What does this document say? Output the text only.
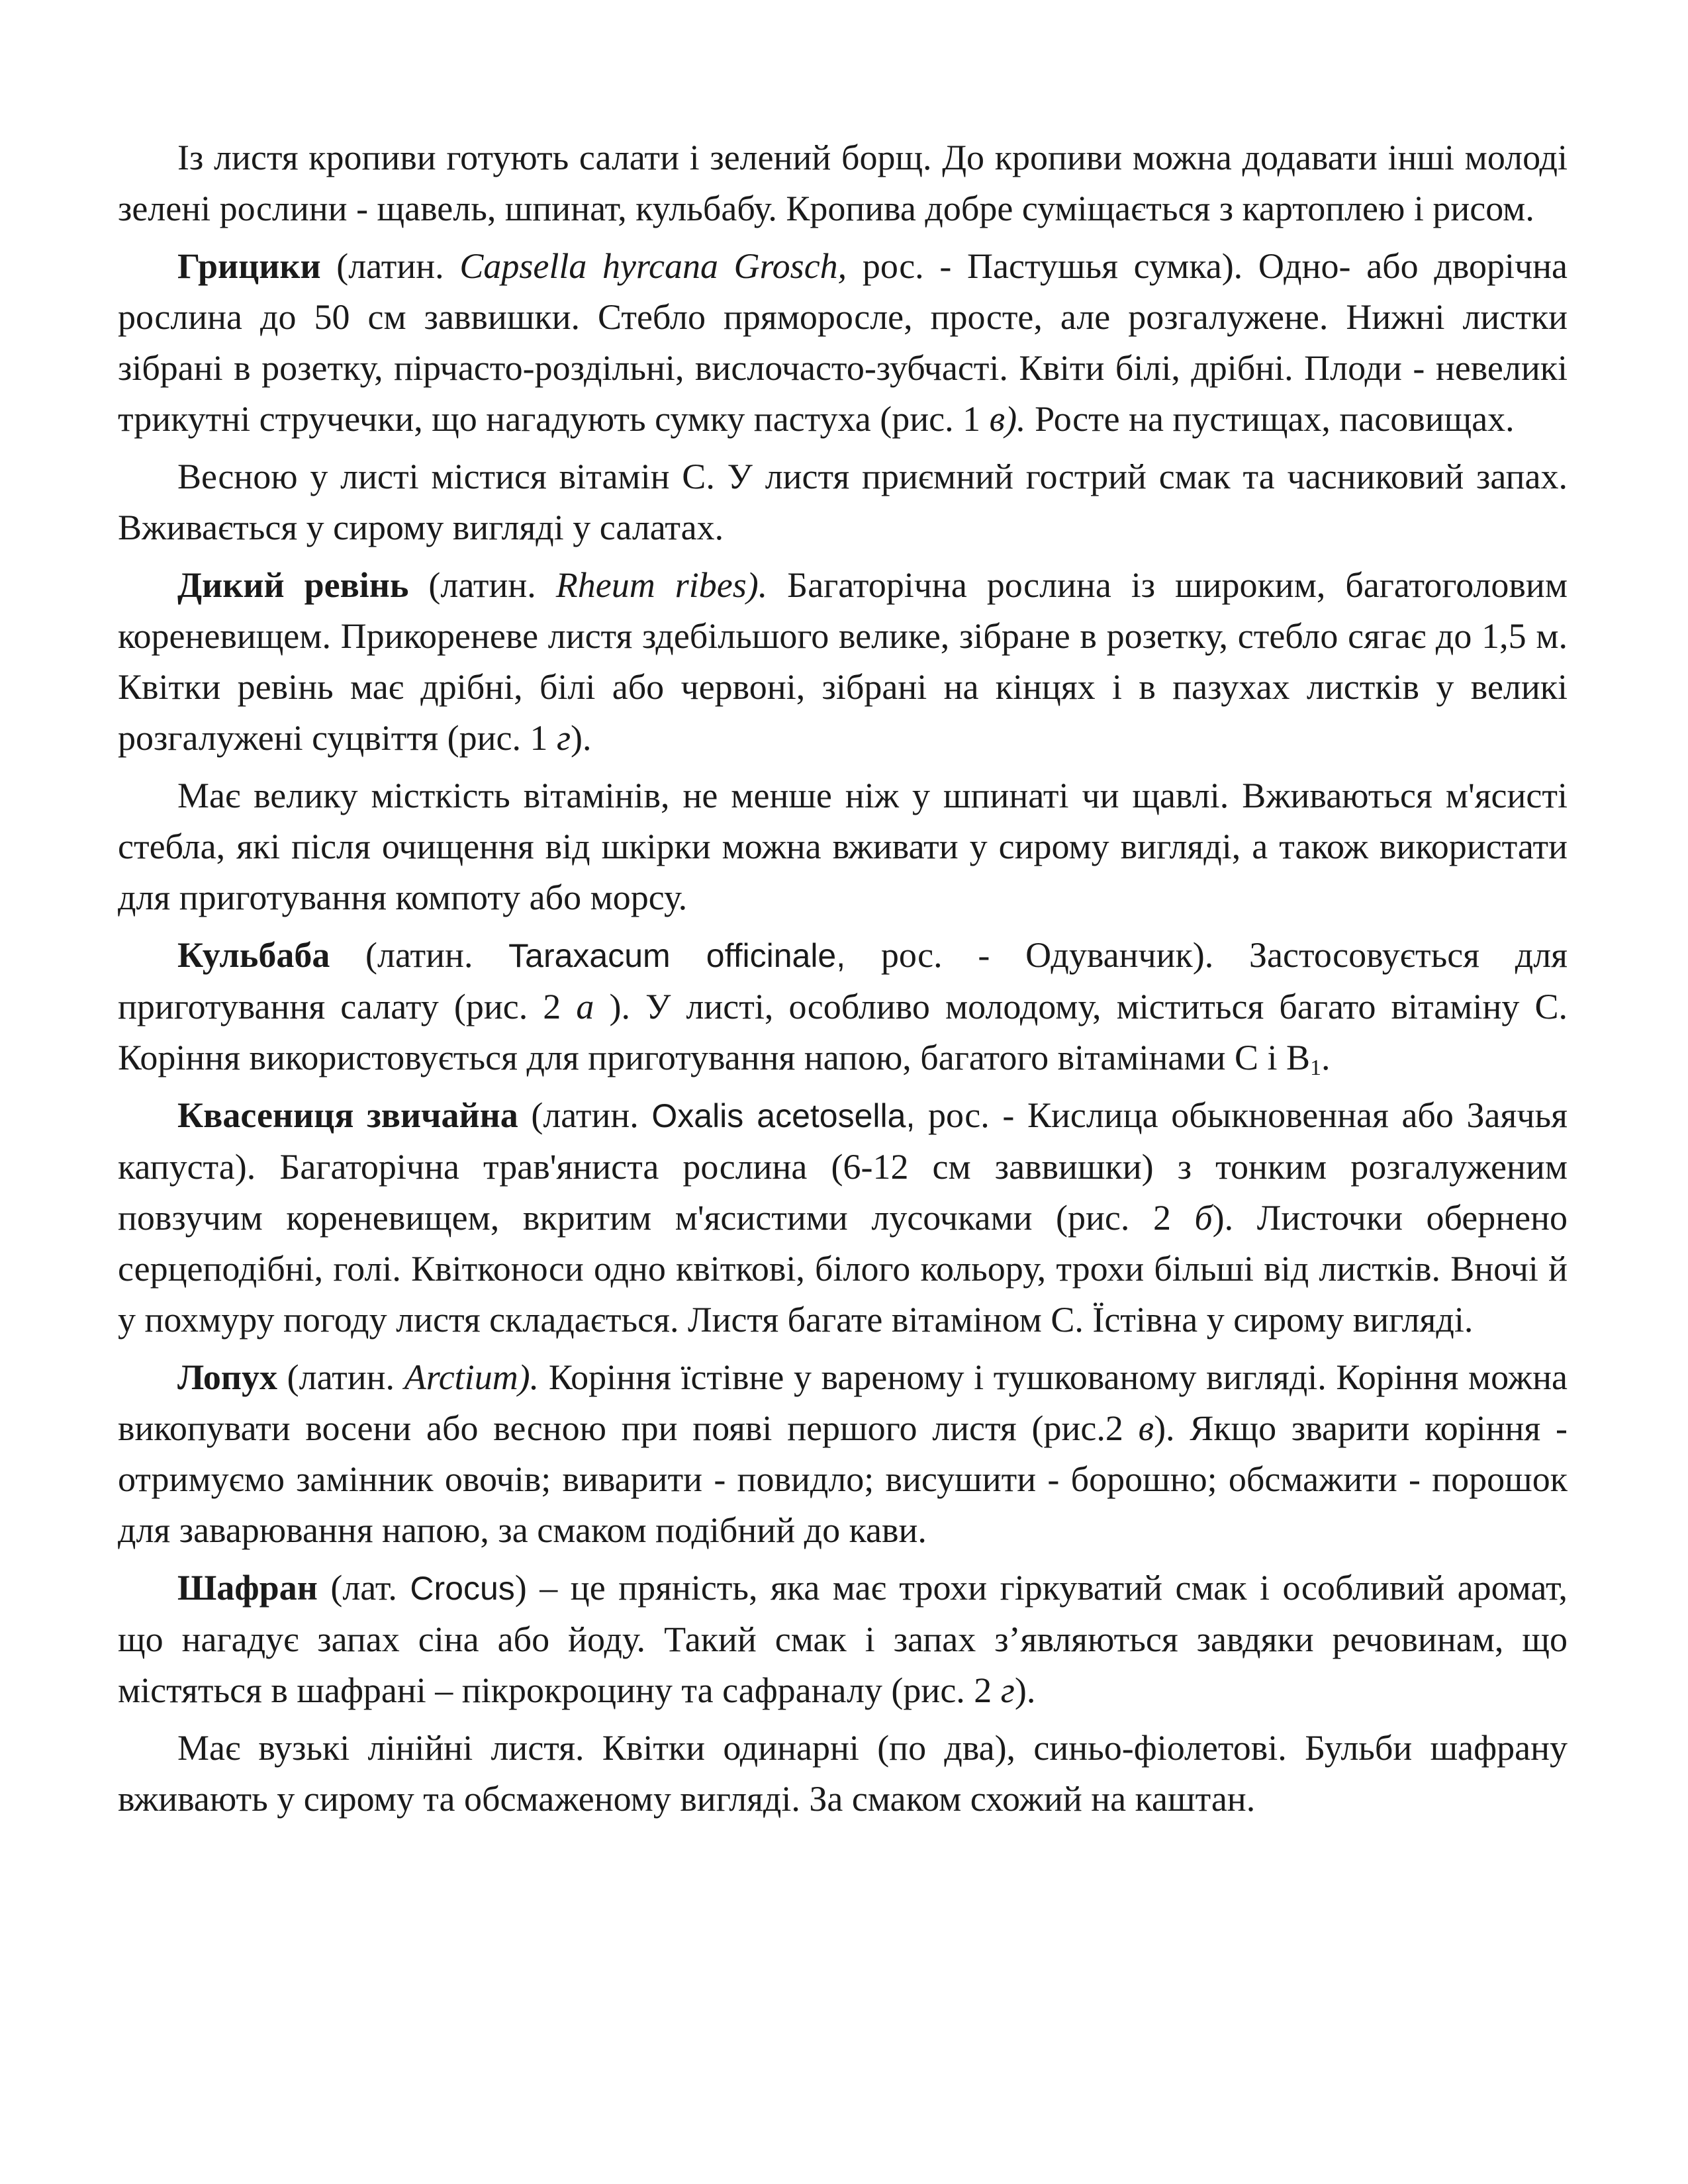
Із листя кропиви готують салати і зелений борщ. До кропиви можна додавати інші молоді зелені рослини - щавель, шпинат, кульбабу. Кропива добре суміщається з картоплею і рисом.

Грицики (латин. Capsella hyrcana Grosch, рос. - Пастушья сумка). Одно- або дворічна рослина до 50 см заввишки. Стебло пряморосле, просте, але розгалужене. Нижні листки зібрані в розетку, пірчасто-роздільні, вислочасто-зубчасті. Квіти білі, дрібні. Плоди - невеликі трикутні стручечки, що нагадують сумку пастуха (рис. 1 в). Росте на пустищах, пасовищах.

Весною у листі містися вітамін С. У листя приємний гострий смак та часниковий запах. Вживається у сирому вигляді у салатах.

Дикий ревінь (латин. Rheum ribes). Багаторічна рослина із широким, багатоголовим кореневищем. Прикореневе листя здебільшого велике, зібране в розетку, стебло сягає до 1,5 м. Квітки ревінь має дрібні, білі або червоні, зібрані на кінцях і в пазухах листків у великі розгалужені суцвіття (рис. 1 г).

Має велику місткість вітамінів, не менше ніж у шпинаті чи щавлі. Вживаються м'ясисті стебла, які після очищення від шкірки можна вживати у сирому вигляді, а також використати для приготування компоту або морсу.

Кульбаба (латин. Taraxacum officinale, рос. - Одуванчик). Застосовується для приготування салату (рис. 2 а ). У листі, особливо молодому, міститься багато вітаміну С. Коріння використовується для приготування напою, багатого вітамінами С і $В_1$.

Квасениця звичайна (латин. Oxalis acetosella, рос. - Кислица обыкновенная або Заячья капуста). Багаторічна трав'яниста рослина (6-12 см заввишки) з тонким розгалуженим повзучим кореневищем, вкритим м'ясистими лусочками (рис. 2 б). Листочки обернено серцеподібні, голі. Квітконоси одно квіткові, білого кольору, трохи більші від листків. Вночі й у похмуру погоду листя складається. Листя багате вітаміном С. Їстівна у сирому вигляді.

Лопух (латин. Arctium). Коріння їстівне у вареному і тушкованому вигляді. Коріння можна викопувати восени або весною при появі першого листя (рис.2 в). Якщо зварити коріння - отримуємо замінник овочів; виварити - повидло; висушити - борошно; обсмажити - порошок для заварювання напою, за смаком подібний до кави.

Шафран (лат. Crocus) – це пряність, яка має трохи гіркуватий смак і особливий аромат, що нагадує запах сіна або йоду. Такий смак і запах з’являються завдяки речовинам, що містяться в шафрані – пікрокроцину та сафраналу (рис. 2 г).

Має вузькі лінійні листя. Квітки одинарні (по два), синьо-фіолетові. Бульби шафрану вживають у сирому та обсмаженому вигляді. За смаком схожий на каштан.
